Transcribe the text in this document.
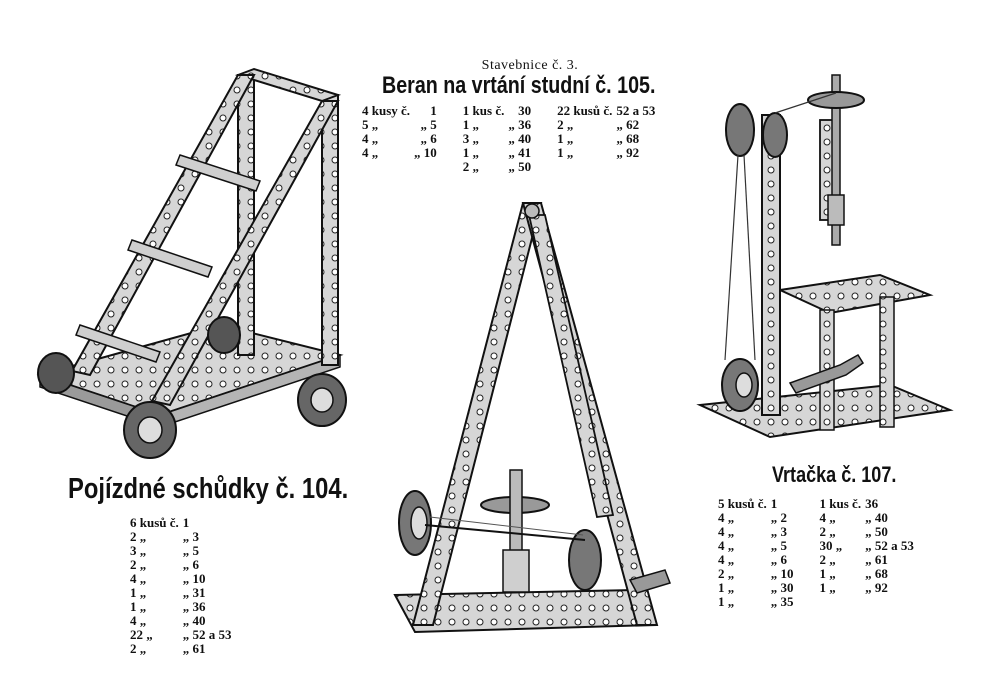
Stavebnice č. 3.
Beran na vrtání studní č. 105.
Pojízdné schůdky č. 104.	Vrtačka č. 107.
4 kusy č.	1		1 kus č.	30		22 kusů č.	52 a 53
5 „	„ 5		1 „	„ 36		2 „	„ 62
4 „	„ 6		3 „	„ 40		1 „	„ 68
4 „	„ 10		1 „	„ 41		1 „	„ 92
			2 „	„ 50			
6 kusů č.	1
2 „	„ 3
3 „	„ 5
2 „	„ 6
4 „	„ 10
1 „	„ 31
1 „	„ 36
4 „	„ 40
22 „	„ 52 a 53
2 „	„ 61
5 kusů č.	1		1 kus č.	36
4 „	„ 2		4 „	„ 40
4 „	„ 3		2 „	„ 50
4 „	„ 5		30 „	„ 52 a 53
4 „	„ 6		2 „	„ 61
2 „	„ 10		1 „	„ 68
1 „	„ 30		1 „	„ 92
1 „	„ 35			
